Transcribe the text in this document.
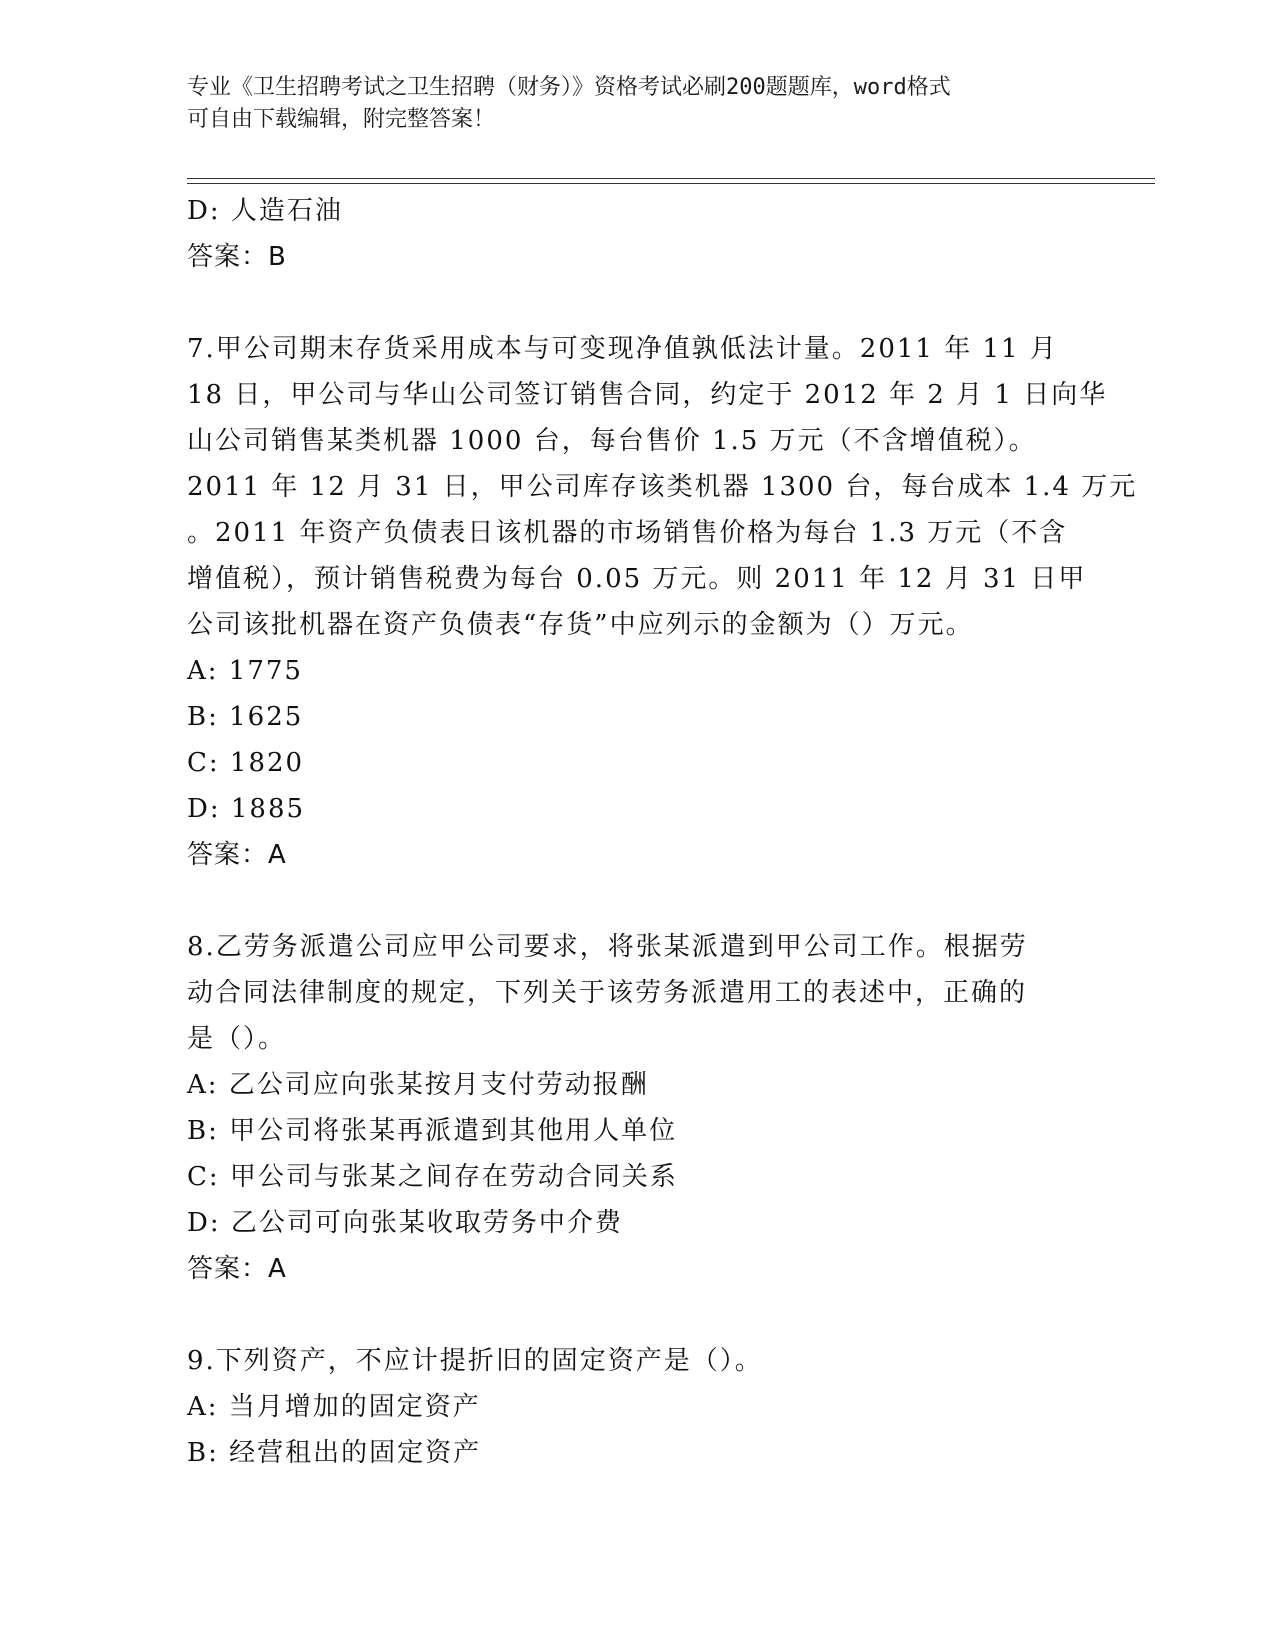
专业《卫生招聘考试之卫生招聘（财务）》资格考试必刷200题题库，word格式
可自由下载编辑，附完整答案！

D: 人造石油

答案：B

7.甲公司期末存货采用成本与可变现净值孰低法计量。2011 年 11 月

18 日，甲公司与华山公司签订销售合同，约定于 2012 年 2 月 1 日向华

山公司销售某类机器 1000 台，每台售价 1.5 万元（不含增值税）。

2011 年 12 月 31 日，甲公司库存该类机器 1300 台，每台成本 1.4 万元

。2011 年资产负债表日该机器的市场销售价格为每台 1.3 万元（不含

增值税），预计销售税费为每台 0.05 万元。则 2011 年 12 月 31 日甲

公司该批机器在资产负债表“存货”中应列示的金额为（）万元。

A: 1775

B: 1625

C: 1820

D: 1885

答案：A

8.乙劳务派遣公司应甲公司要求，将张某派遣到甲公司工作。根据劳

动合同法律制度的规定，下列关于该劳务派遣用工的表述中，正确的

是（）。

A: 乙公司应向张某按月支付劳动报酬

B: 甲公司将张某再派遣到其他用人单位

C: 甲公司与张某之间存在劳动合同关系

D: 乙公司可向张某收取劳务中介费

答案：A

9.下列资产，不应计提折旧的固定资产是（）。

A: 当月增加的固定资产

B: 经营租出的固定资产
